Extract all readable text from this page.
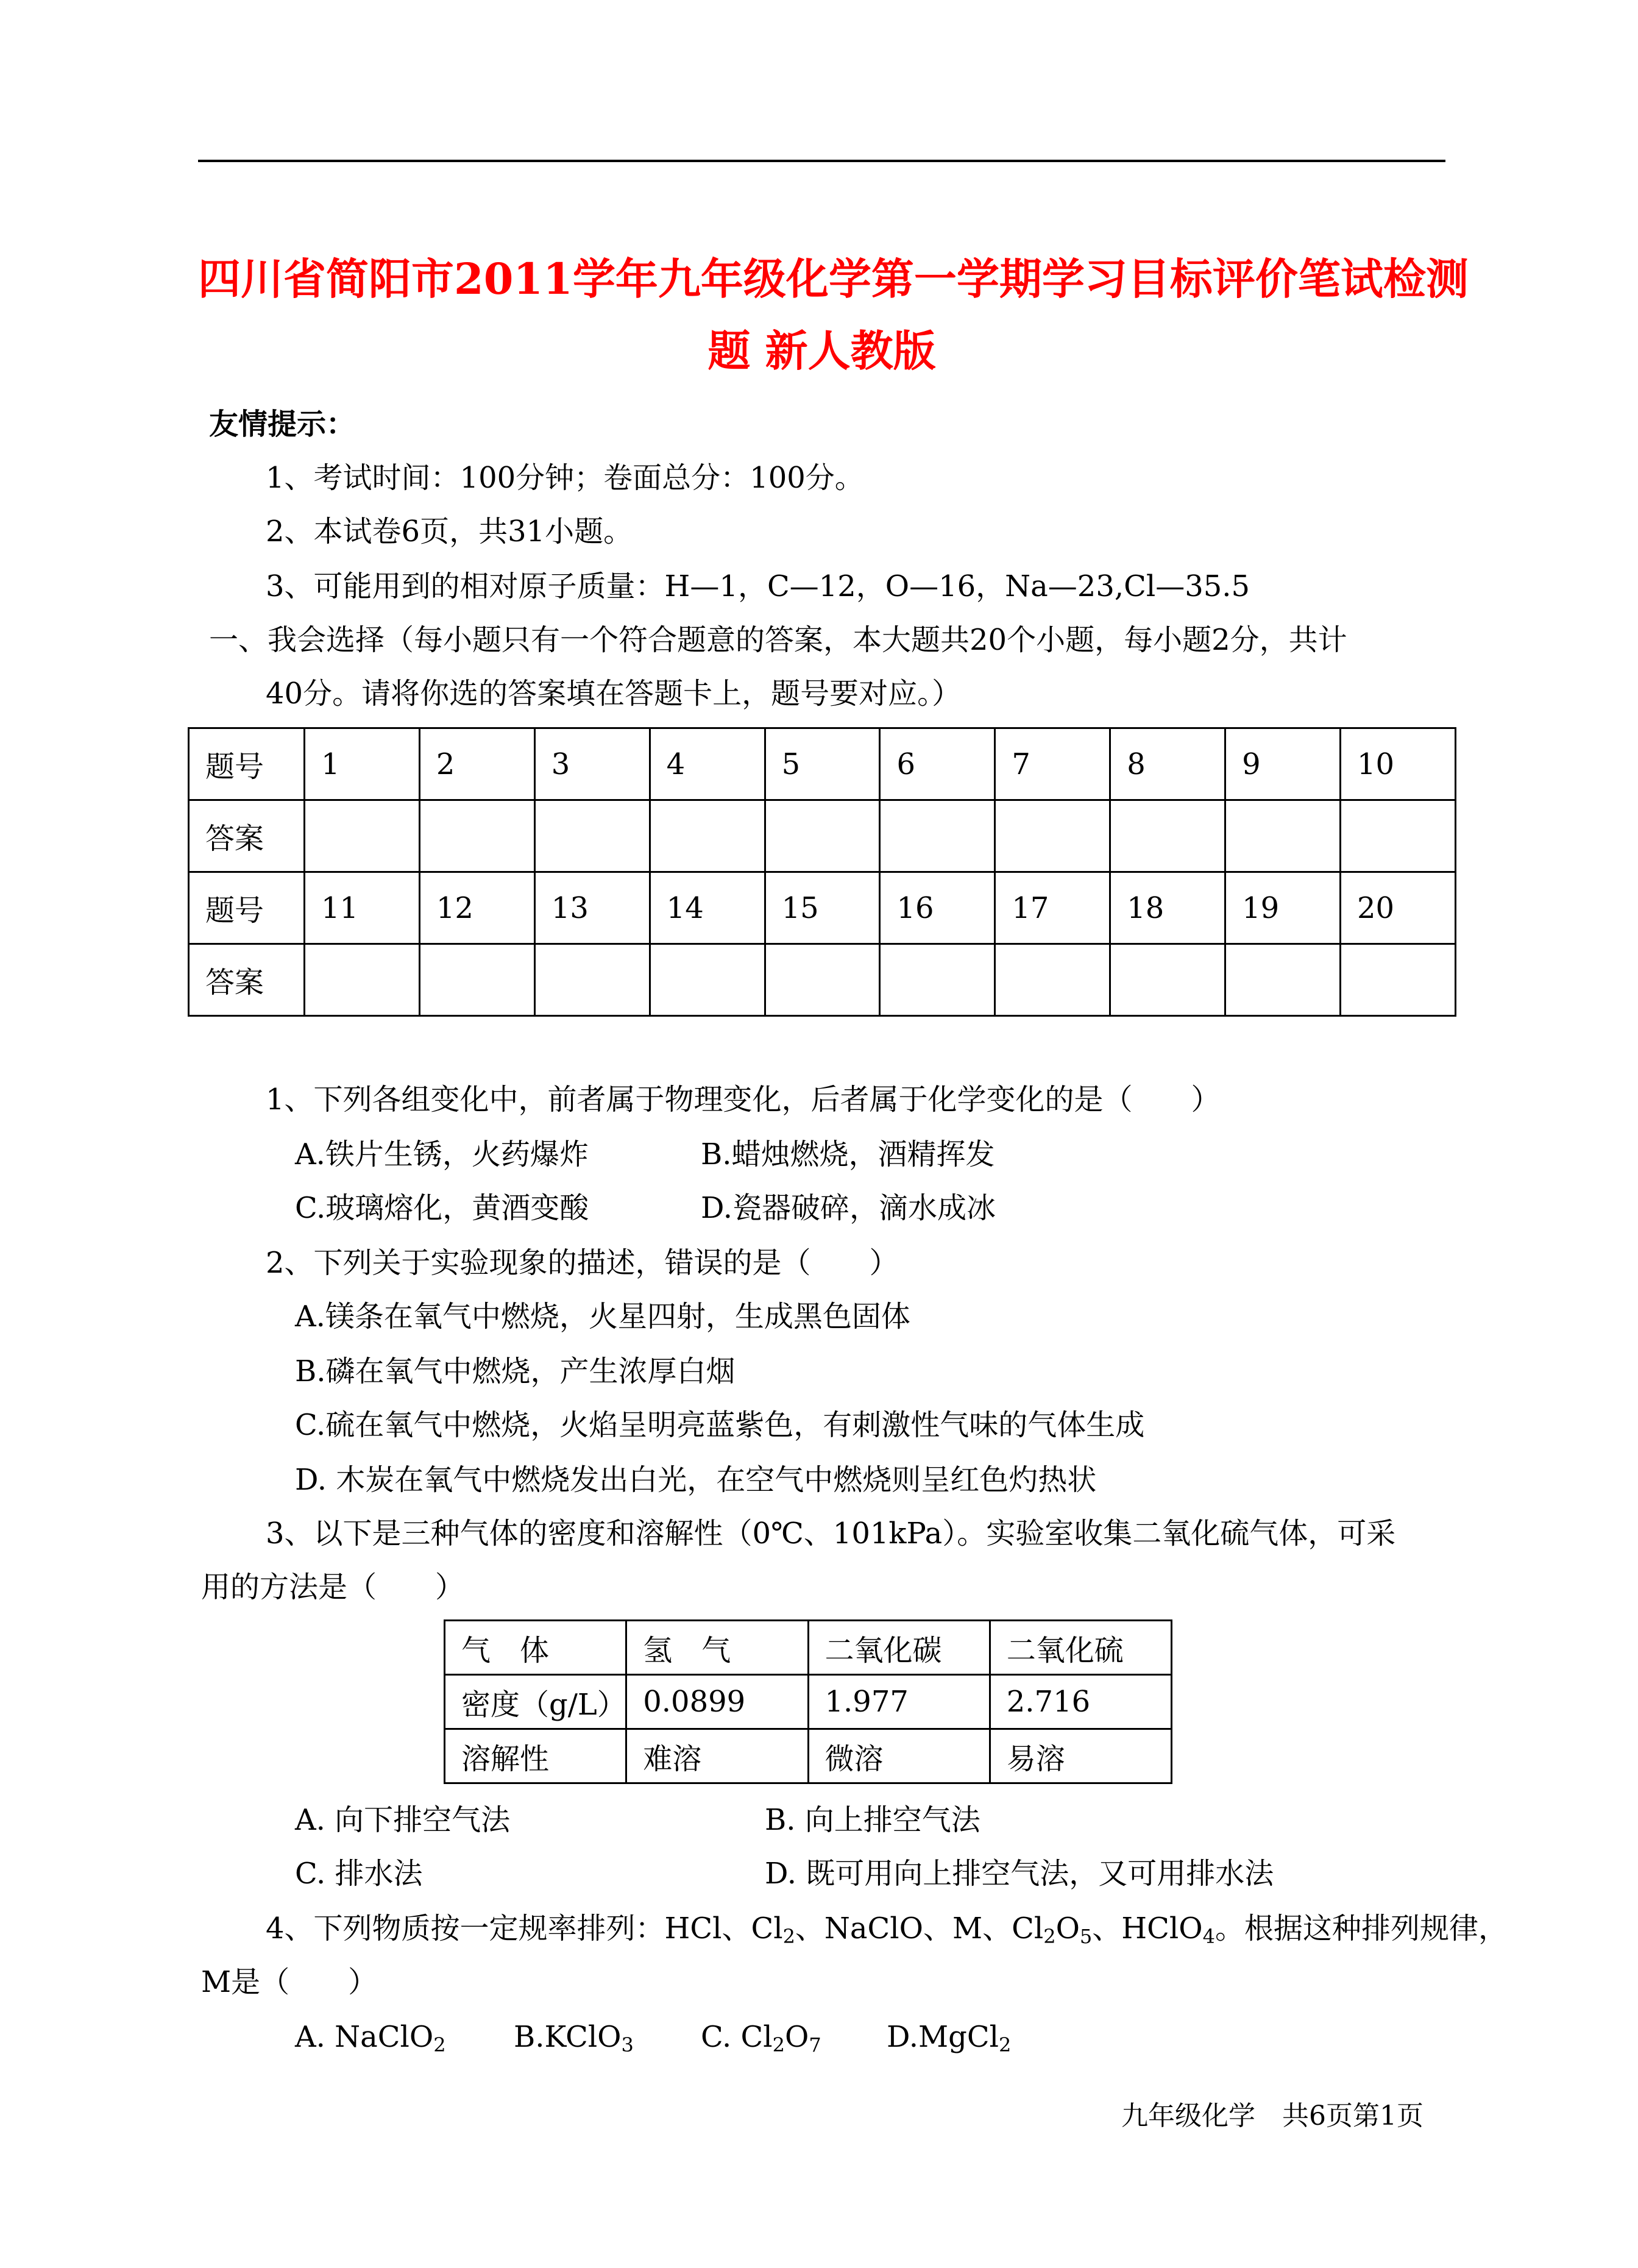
四川省简阳市2011学年九年级化学第一学期学习目标评价笔试检测
题 新人教版
友情提示：
1、考试时间：100分钟；卷面总分：100分。
2、本试卷6页，共31小题。
3、可能用到的相对原子质量：H—1，C—12，O—16，Na—23,Cl—35.5
一、我会选择（每小题只有一个符合题意的答案，本大题共20个小题，每小题2分，共计
40分。请将你选的答案填在答题卡上，题号要对应。）
题号	1	2	3	4	5	6	7	8	9	10
答案										
题号	11	12	13	14	15	16	17	18	19	20
答案										
1、下列各组变化中，前者属于物理变化，后者属于化学变化的是（　　）
A.铁片生锈，火药爆炸	B.蜡烛燃烧，酒精挥发
C.玻璃熔化，黄酒变酸	D.瓷器破碎，滴水成冰
2、下列关于实验现象的描述，错误的是（　　）
A.镁条在氧气中燃烧，火星四射，生成黑色固体
B.磷在氧气中燃烧，产生浓厚白烟
C.硫在氧气中燃烧，火焰呈明亮蓝紫色，有刺激性气味的气体生成
D. 木炭在氧气中燃烧发出白光，在空气中燃烧则呈红色灼热状
3、以下是三种气体的密度和溶解性（0℃、101kPa）。实验室收集二氧化硫气体，可采
用的方法是（　　）
气　体	氢　气	二氧化碳	二氧化硫
密度（g/L）	0.0899	1.977	2.716
溶解性	难溶	微溶	易溶
A. 向下排空气法	B. 向上排空气法
C. 排水法	D. 既可用向上排空气法，又可用排水法
4、下列物质按一定规率排列：HCl、$Cl_2$、NaClO、M、$Cl_2O_5$、HClO$_4$。根据这种排列规律，
M是（　　）
A. NaClO$_2$ B.KClO$_3$ C. $Cl_2O_7$ D.MgCl$_2$
九年级化学　共6页第1页
